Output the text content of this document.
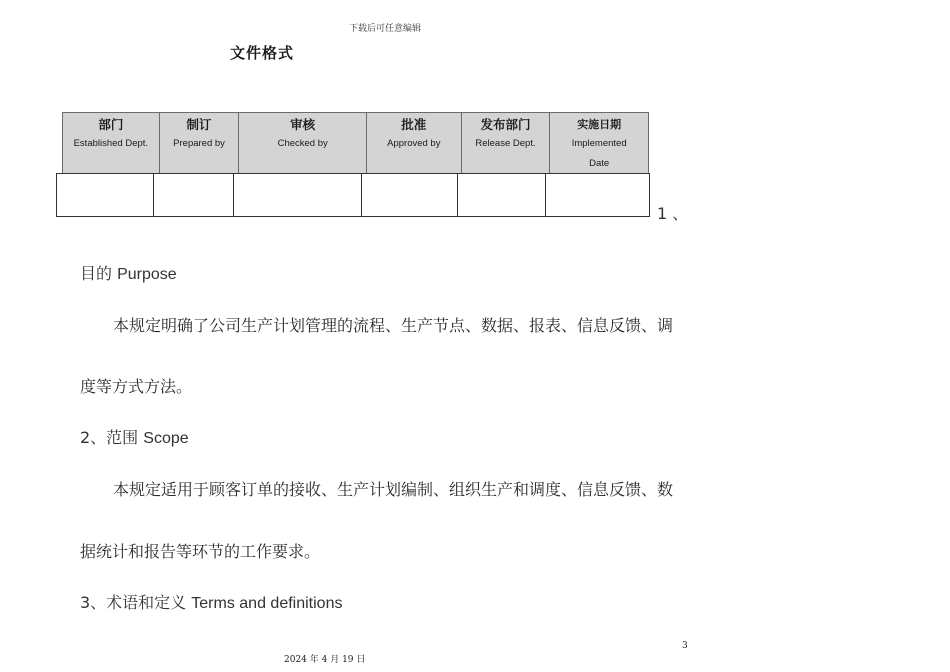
下载后可任意编辑
文件格式
部门
Established Dept.
制订
Prepared by
审核
Checked by
批准
Approved by
发布部门
Release Dept.
实施日期
Implemented
Date
1 、
目的 Purpose
本规定明确了公司生产计划管理的流程、生产节点、数据、报表、信息反馈、调
度等方式方法。
2、范围 Scope
本规定适用于顾客订单的接收、生产计划编制、组织生产和调度、信息反馈、数
据统计和报告等环节的工作要求。
3、术语和定义 Terms and definitions
3
2024 年 4 月 19 日
